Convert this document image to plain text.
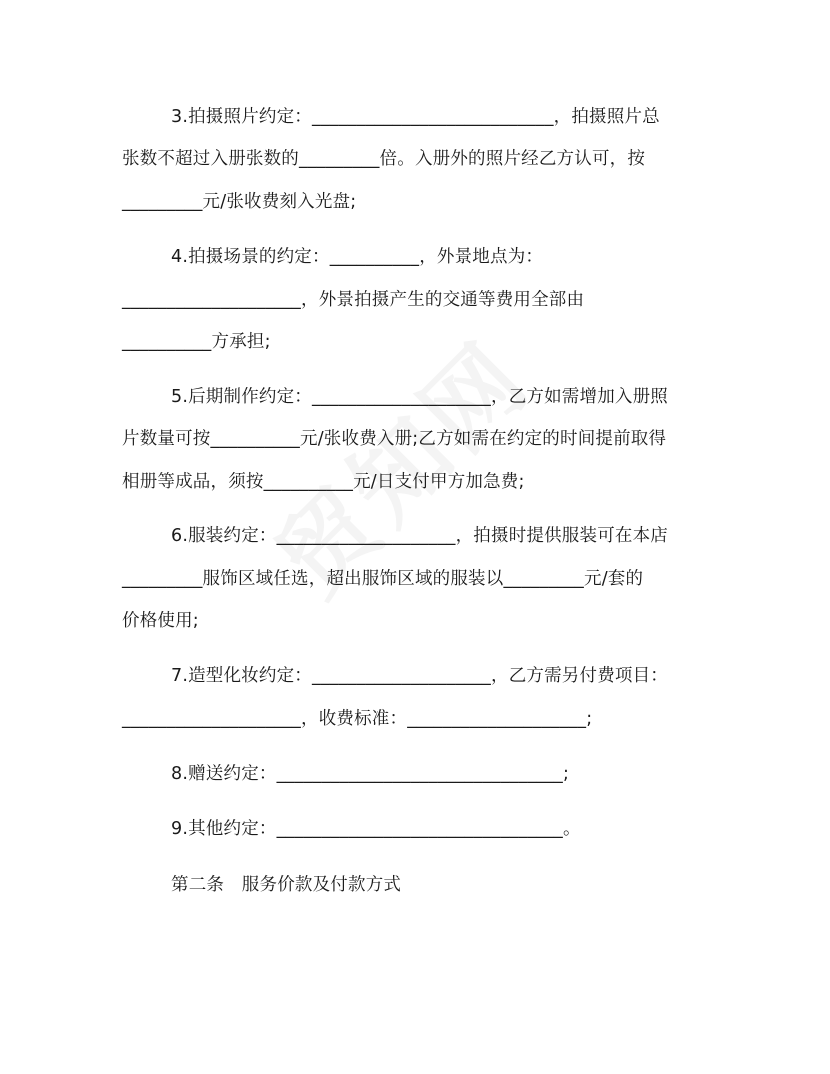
3.拍摄照片约定：___________________________，拍摄照片总
张数不超过入册张数的_________倍。入册外的照片经乙方认可，按
_________元/张收费刻入光盘;
4.拍摄场景的约定：__________，外景地点为：
____________________，外景拍摄产生的交通等费用全部由
__________方承担;
5.后期制作约定：____________________，乙方如需增加入册照
片数量可按__________元/张收费入册;乙方如需在约定的时间提前取得
相册等成品，须按__________元/日支付甲方加急费;
6.服装约定：____________________，拍摄时提供服装可在本店
_________服饰区域任选，超出服饰区域的服装以_________元/套的
价格使用;
7.造型化妆约定：____________________，乙方需另付费项目：
____________________，收费标准：____________________;
8.赠送约定：________________________________;
9.其他约定：________________________________。
第二条　服务价款及付款方式
